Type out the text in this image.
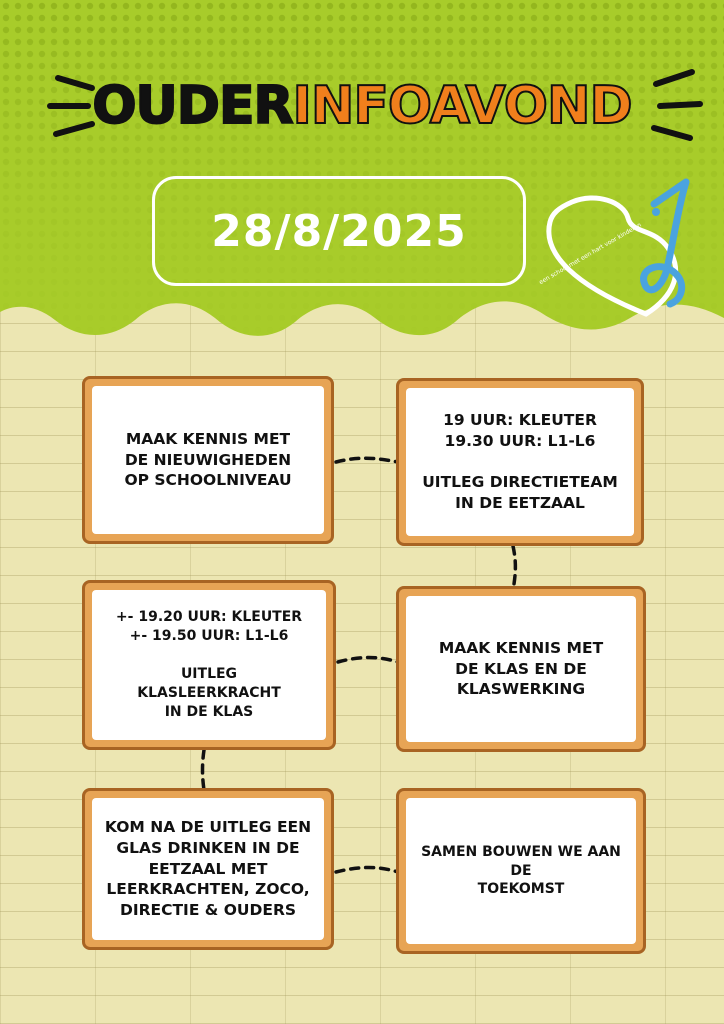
OUDERINFOAVOND
28/8/2025	een school met een hart voor kinderen
MAAK KENNIS MET
DE NIEUWIGHEDEN
OP SCHOOLNIVEAU
19 UUR: KLEUTER
19.30 UUR: L1-L6

UITLEG DIRECTIETEAM
IN DE EETZAAL
+- 19.20 UUR: KLEUTER
+- 19.50 UUR: L1-L6

UITLEG
KLASLEERKRACHT
IN DE KLAS
MAAK KENNIS MET
DE KLAS EN DE
KLASWERKING
KOM NA DE UITLEG EEN
GLAS DRINKEN IN DE
EETZAAL MET
LEERKRACHTEN, ZOCO,
DIRECTIE & OUDERS
SAMEN BOUWEN WE AAN DE
TOEKOMST
